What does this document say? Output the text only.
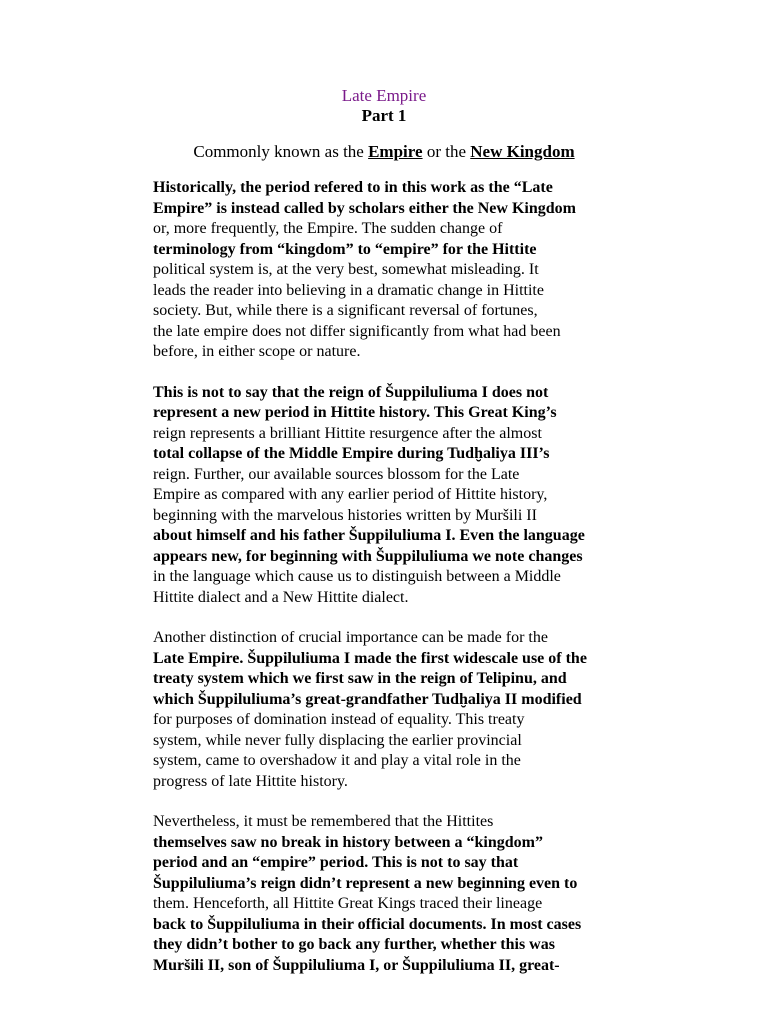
Late Empire
Part 1

Commonly known as the Empire or the New Kingdom

Historically, the period refered to in this work as the “Late
Empire” is instead called by scholars either the New Kingdom
or, more frequently, the Empire. The sudden change of
terminology from “kingdom” to “empire” for the Hittite
political system is, at the very best, somewhat misleading. It
leads the reader into believing in a dramatic change in Hittite
society. But, while there is a significant reversal of fortunes,
the late empire does not differ significantly from what had been
before, in either scope or nature.

This is not to say that the reign of Šuppiluliuma I does not
represent a new period in Hittite history. This Great King’s
reign represents a brilliant Hittite resurgence after the almost
total collapse of the Middle Empire during Tudḫaliya III’s
reign. Further, our available sources blossom for the Late
Empire as compared with any earlier period of Hittite history,
beginning with the marvelous histories written by Muršili II
about himself and his father Šuppiluliuma I. Even the language
appears new, for beginning with Šuppiluliuma we note changes
in the language which cause us to distinguish between a Middle
Hittite dialect and a New Hittite dialect.

Another distinction of crucial importance can be made for the
Late Empire. Šuppiluliuma I made the first widescale use of the
treaty system which we first saw in the reign of Telipinu, and
which Šuppiluliuma’s great-grandfather Tudḫaliya II modified
for purposes of domination instead of equality. This treaty
system, while never fully displacing the earlier provincial
system, came to overshadow it and play a vital role in the
progress of late Hittite history.

Nevertheless, it must be remembered that the Hittites
themselves saw no break in history between a “kingdom”
period and an “empire” period. This is not to say that
Šuppiluliuma’s reign didn’t represent a new beginning even to
them. Henceforth, all Hittite Great Kings traced their lineage
back to Šuppiluliuma in their official documents. In most cases
they didn’t bother to go back any further, whether this was
Muršili II, son of Šuppiluliuma I, or Šuppiluliuma II, great-
